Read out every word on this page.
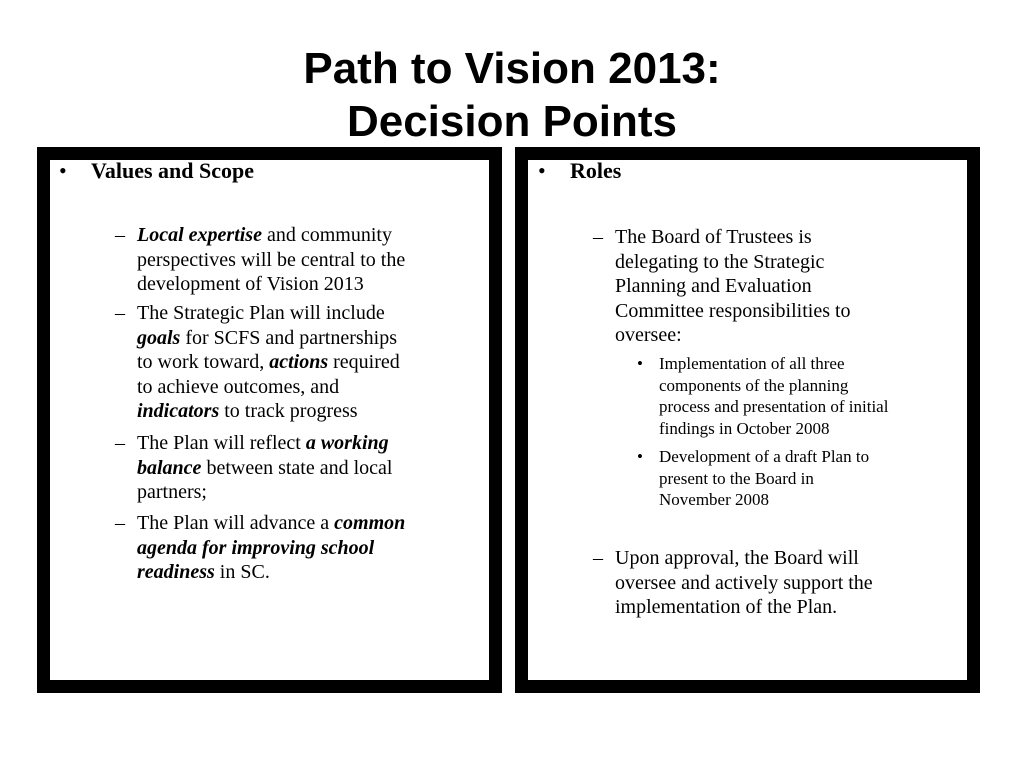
Path to Vision 2013:
Decision Points
• Values and Scope
– Local expertise and community
perspectives will be central to the
development of Vision 2013
– The Strategic Plan will include
goals for SCFS and partnerships
to work toward, actions required
to achieve outcomes, and
indicators to track progress
– The Plan will reflect a working
balance between state and local
partners;
– The Plan will advance a common
agenda for improving school
readiness in SC.
• Roles
– The Board of Trustees is
delegating to the Strategic
Planning and Evaluation
Committee responsibilities to
oversee:
• Implementation of all three
components of the planning
process and presentation of initial
findings in October 2008
• Development of a draft Plan to
present to the Board in
November 2008
– Upon approval, the Board will
oversee and actively support the
implementation of the Plan.
